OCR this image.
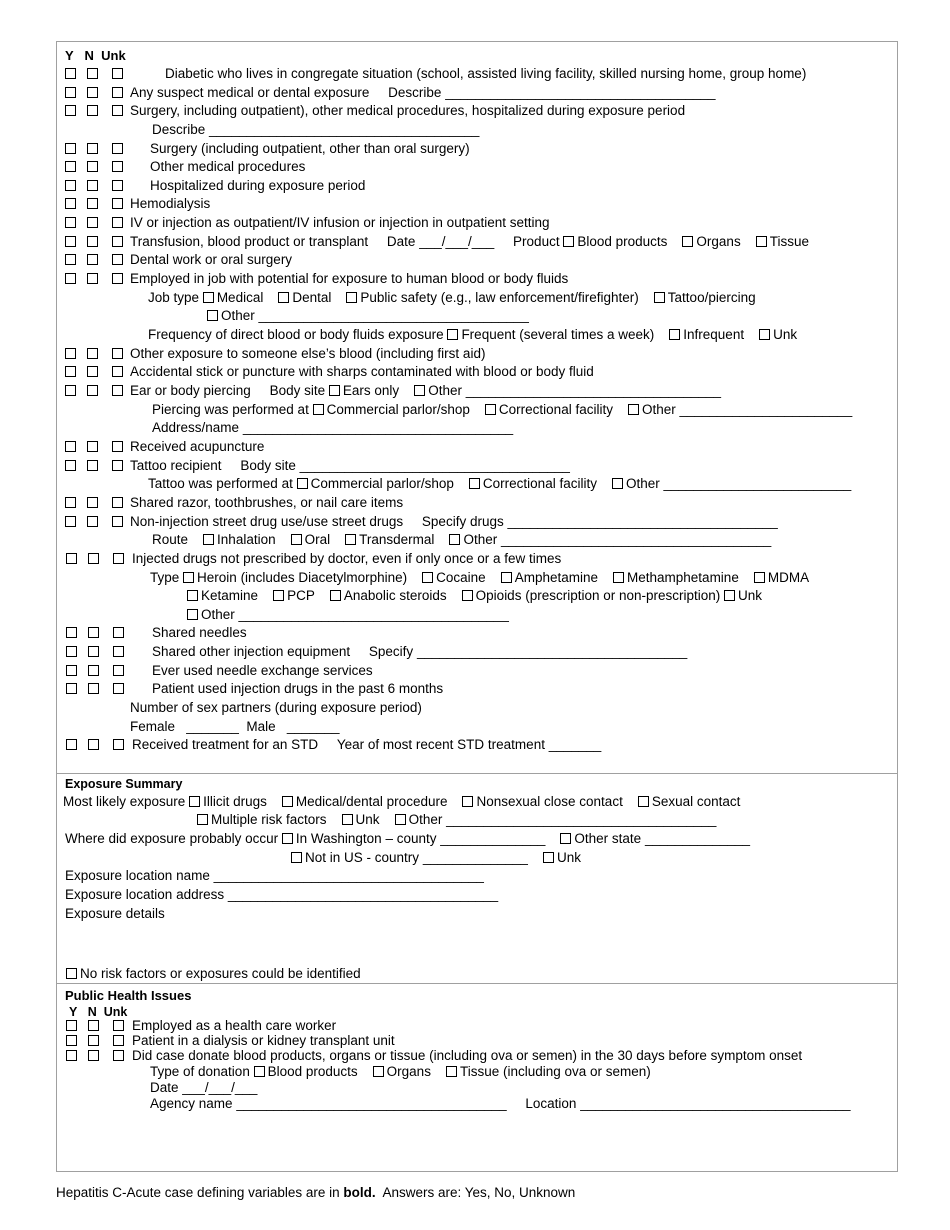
Y N Unk
Diabetic who lives in congregate situation (school, assisted living facility, skilled nursing home, group home)
Any suspect medical or dental exposure Describe ____________________________________
Surgery, including outpatient), other medical procedures, hospitalized during exposure period
Describe ____________________________________
Surgery (including outpatient, other than oral surgery)
Other medical procedures
Hospitalized during exposure period
Hemodialysis
IV or injection as outpatient/IV infusion or injection in outpatient setting
Transfusion, blood product or transplant Date ___/___/___ Product Blood products Organs Tissue
Dental work or oral surgery
Employed in job with potential for exposure to human blood or body fluids
Job type Medical Dental Public safety (e.g., law enforcement/firefighter) Tattoo/piercing
Other ____________________________________
Frequency of direct blood or body fluids exposure Frequent (several times a week) Infrequent Unk
Other exposure to someone else’s blood (including first aid)
Accidental stick or puncture with sharps contaminated with blood or body fluid
Ear or body piercing Body site Ears only Other __________________________________
Piercing was performed at Commercial parlor/shop Correctional facility Other _______________________
Address/name ____________________________________
Received acupuncture
Tattoo recipient Body site ____________________________________
Tattoo was performed at Commercial parlor/shop Correctional facility Other _________________________
Shared razor, toothbrushes, or nail care items
Non-injection street drug use/use street drugs Specify drugs ____________________________________
Route Inhalation Oral Transdermal Other ____________________________________
Injected drugs not prescribed by doctor, even if only once or a few times
Type Heroin (includes Diacetylmorphine) Cocaine Amphetamine Methamphetamine MDMA
Ketamine PCP Anabolic steroids Opioids (prescription or non-prescription) Unk
Other ____________________________________
Shared needles
Shared other injection equipment Specify ____________________________________
Ever used needle exchange services
Patient used injection drugs in the past 6 months
Number of sex partners (during exposure period)
Female _______ Male _______
Received treatment for an STD Year of most recent STD treatment _______
Exposure Summary
Most likely exposure Illicit drugs Medical/dental procedure Nonsexual close contact Sexual contact
Multiple risk factors Unk Other ____________________________________
Where did exposure probably occur In Washington – county ______________ Other state ______________
Not in US - country ______________ Unk
Exposure location name ____________________________________
Exposure location address ____________________________________
Exposure details
No risk factors or exposures could be identified
Public Health Issues
Y N Unk
Employed as a health care worker
Patient in a dialysis or kidney transplant unit
Did case donate blood products, organs or tissue (including ova or semen) in the 30 days before symptom onset
Type of donation Blood products Organs Tissue (including ova or semen)
Date ___/___/___
Agency name ____________________________________ Location ____________________________________
Hepatitis C-Acute case defining variables are in bold. Answers are: Yes, No, Unknown
